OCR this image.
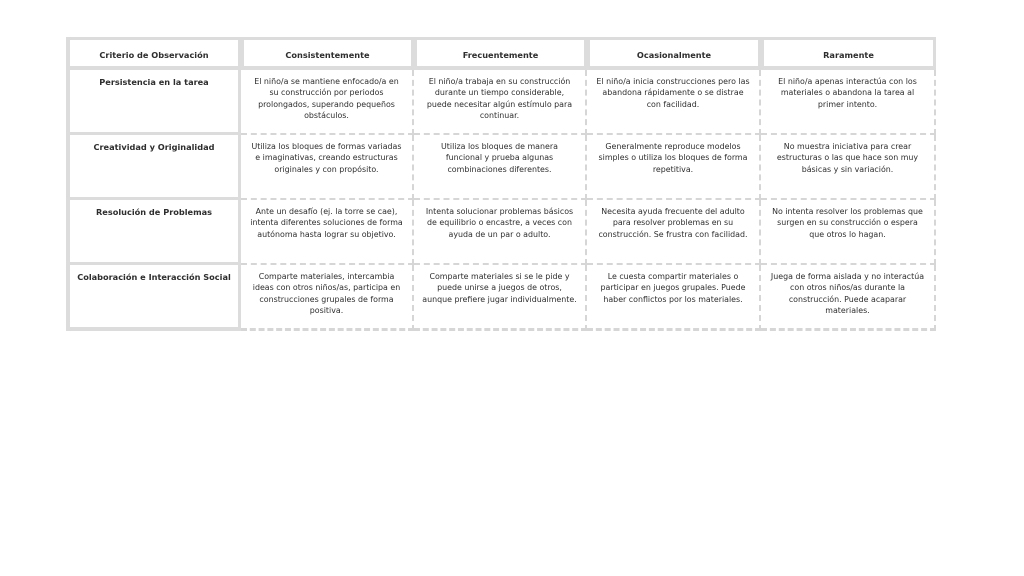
Criterio de Observación	Consistentemente	Frecuentemente	Ocasionalmente	Raramente
Persistencia en la tarea	El niño/a se mantiene enfocado/a en su construcción por periodos prolongados, superando pequeños obstáculos.	El niño/a trabaja en su construcción durante un tiempo considerable, puede necesitar algún estímulo para continuar.	El niño/a inicia construcciones pero las abandona rápidamente o se distrae con facilidad.	El niño/a apenas interactúa con los materiales o abandona la tarea al primer intento.
Creatividad y Originalidad	Utiliza los bloques de formas variadas e imaginativas, creando estructuras originales y con propósito.	Utiliza los bloques de manera funcional y prueba algunas combinaciones diferentes.	Generalmente reproduce modelos simples o utiliza los bloques de forma repetitiva.	No muestra iniciativa para crear estructuras o las que hace son muy básicas y sin variación.
Resolución de Problemas	Ante un desafío (ej. la torre se cae), intenta diferentes soluciones de forma autónoma hasta lograr su objetivo.	Intenta solucionar problemas básicos de equilibrio o encastre, a veces con ayuda de un par o adulto.	Necesita ayuda frecuente del adulto para resolver problemas en su construcción. Se frustra con facilidad.	No intenta resolver los problemas que surgen en su construcción o espera que otros lo hagan.
Colaboración e Interacción Social	Comparte materiales, intercambia ideas con otros niños/as, participa en construcciones grupales de forma positiva.	Comparte materiales si se le pide y puede unirse a juegos de otros, aunque prefiere jugar individualmente.	Le cuesta compartir materiales o participar en juegos grupales. Puede haber conflictos por los materiales.	Juega de forma aislada y no interactúa con otros niños/as durante la construcción. Puede acaparar materiales.
